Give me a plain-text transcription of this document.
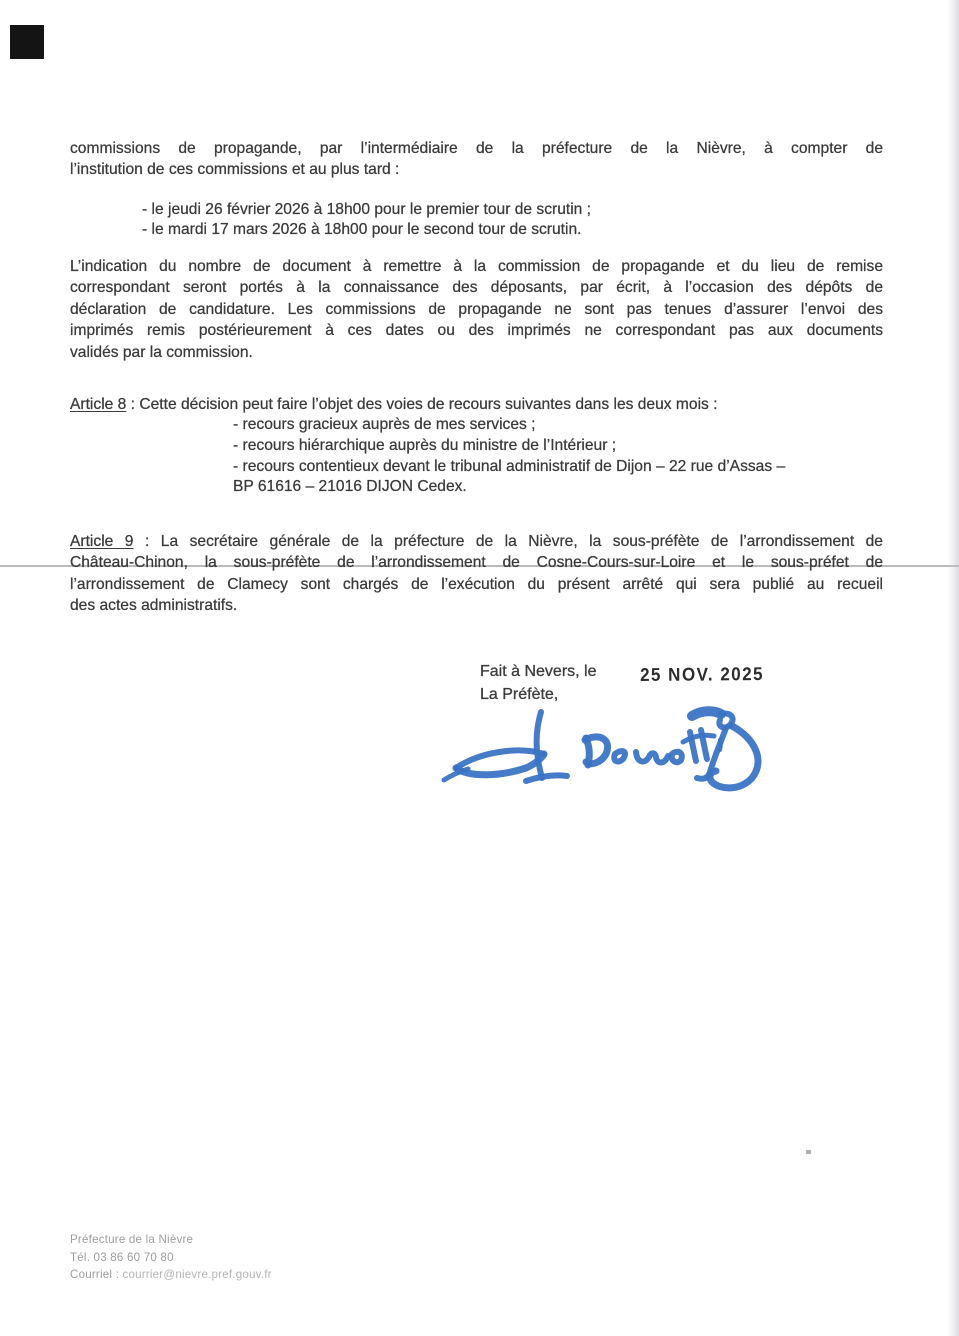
commissions de propagande, par l’intermédiaire de la préfecture de la Nièvre, à compter de
l’institution de ces commissions et au plus tard :
- le jeudi 26 février 2026 à 18h00 pour le premier tour de scrutin ;
- le mardi 17 mars 2026 à 18h00 pour le second tour de scrutin.
L’indication du nombre de document à remettre à la commission de propagande et du lieu de remise
correspondant seront portés à la connaissance des déposants, par écrit, à l’occasion des dépôts de
déclaration de candidature. Les commissions de propagande ne sont pas tenues d’assurer l’envoi des
imprimés remis postérieurement à ces dates ou des imprimés ne correspondant pas aux documents
validés par la commission.
Article 8 : Cette décision peut faire l’objet des voies de recours suivantes dans les deux mois :
- recours gracieux auprès de mes services ;
- recours hiérarchique auprès du ministre de l’Intérieur ;
- recours contentieux devant le tribunal administratif de Dijon – 22 rue d’Assas –
BP 61616 – 21016 DIJON Cedex.
Article 9 : La secrétaire générale de la préfecture de la Nièvre, la sous-préfète de l’arrondissement de
Château-Chinon, la sous-préfète de l’arrondissement de Cosne-Cours-sur-Loire et le sous-préfet de
l’arrondissement de Clamecy sont chargés de l’exécution du présent arrêté qui sera publié au recueil
des actes administratifs.
Fait à Nevers, le
La Préfète,
25 NOV. 2025
Préfecture de la Nièvre
Tél. 03 86 60 70 80
Courriel : courrier@nievre.pref.gouv.fr
